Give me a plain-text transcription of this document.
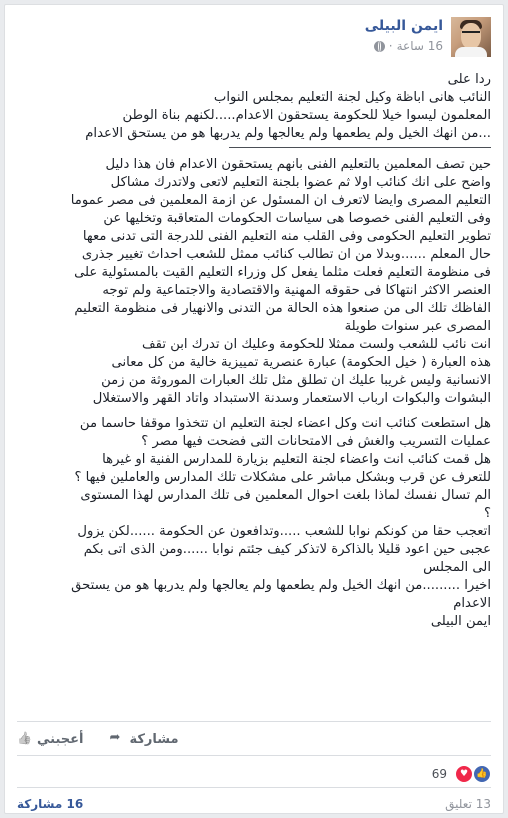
ايمن البيلى
16 ساعة
·

ردا على

النائب هانى اباظة وكيل لجنة التعليم بمجلس النواب

المعلمون ليسوا خيلا للحكومة يستحقون الاعدام.....لكنهم بناة الوطن

...من انهك الخيل ولم يطعمها ولم يعالجها ولم يدربها هو من يستحق الاعدام

حين تصف المعلمين بالتعليم الفنى بانهم يستحقون الاعدام فان هذا دليل

واضح على انك كنائب اولا ثم عضوا بلجنة التعليم لاتعى ولاتدرك مشاكل

التعليم المصرى وايضا لاتعرف ان المسئول عن ازمة المعلمين فى مصر عموما

وفى التعليم الفنى خصوصا هى سياسات الحكومات المتعاقبة وتخليها عن

تطوير التعليم الحكومى وفى القلب منه التعليم الفنى للدرجة التى تدنى معها

حال المعلم ......وبدلا من ان تطالب كنائب ممثل للشعب احداث تغيير جذرى

فى منظومة التعليم فعلت مثلما يفعل كل وزراء التعليم القيت بالمسئولية على

العنصر الاكثر انتهاكا فى حقوقه المهنية والاقتصادية والاجتماعية ولم توجه

الفاظك تلك الى من صنعوا هذه الحالة من التدنى والانهيار فى منظومة التعليم

المصرى عبر سنوات طويلة

انت نائب للشعب ولست ممثلا للحكومة وعليك ان تدرك ابن تقف

هذه العبارة ( خيل الحكومة) عبارة عنصرية تمييزية خالية من كل معانى

الانسانية وليس غريبا عليك ان تطلق مثل تلك العبارات الموروثة من زمن

البشوات والبكوات ارباب الاستعمار وسدنة الاستبداد واتاد القهر والاستغلال

هل استطعت كنائب انت وكل اعضاء لجنة التعليم ان تتخذوا موقفا حاسما من

عمليات التسريب والغش فى الامتحانات التى فضحت فيها مصر ؟

هل قمت كنائب انت واعضاء لجنة التعليم بزيارة للمدارس الفنية او غيرها

للتعرف عن قرب وبشكل مباشر على مشكلات تلك المدارس والعاملين فيها ؟

الم تسال نفسك لماذا بلغت احوال المعلمين فى تلك المدارس لهذا المستوى

؟

اتعجب حقا من كونكم نوابا للشعب .....وتدافعون عن الحكومة ......لكن يزول

عجبى حين اعود قليلا بالذاكرة لاتذكر كيف جئتم نوابا ......ومن الذى اتى بكم

الى المجلس

اخيرا .........من انهك الخيل ولم يطعمها ولم يعالجها ولم يدربها هو من يستحق

الاعدام

ايمن البيلى

👍
أعجبني
➦	مشاركة
👍
♥
69
16 مشاركة	13 تعليق
